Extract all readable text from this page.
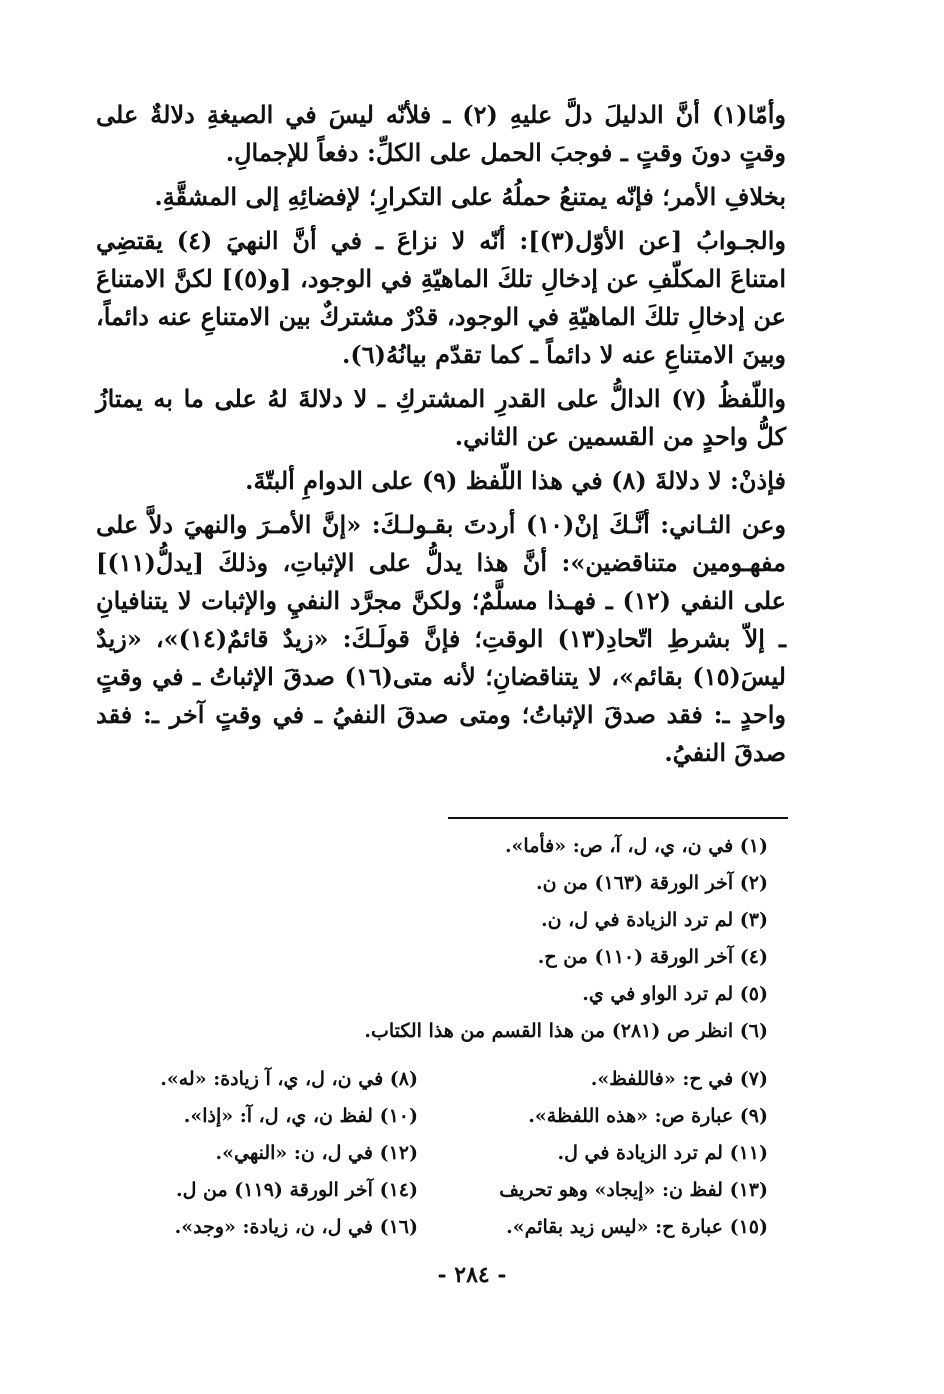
وأمّا(١) أنَّ الدليلَ دلَّ عليهِ (٢) ـ فلأنّه ليسَ في الصيغةِ دلالةٌ على وقتٍ دونَ وقتٍ ـ فوجبَ الحمل على الكلِّ: دفعاً للإجمالِ.

بخلافِ الأمر؛ فإنّه يمتنعُ حملُهُ على التكرارِ؛ لإفضائِهِ إلى المشقَّةِ.

والجـوابُ [عن الأوّل(٣)]: أنّه لا نزاعَ ـ في أنَّ النهيَ (٤) يقتضِي امتناعَ المكلّفِ عن إدخالِ تلكَ الماهيّةِ في الوجود، [و(٥)] لكنَّ الامتناعَ عن إدخالِ تلكَ الماهيّةِ في الوجود، قدْرٌ مشتركٌ بين الامتناعِ عنه دائماً، وبينَ الامتناعِ عنه لا دائماً ـ كما تقدّم بيانُهُ(٦).

واللّفظُ (٧) الدالُّ على القدرِ المشتركِ ـ لا دلالةَ لهُ على ما به يمتازُ كلُّ واحدٍ من القسمين عن الثاني.

فإذنْ: لا دلالةَ (٨) في هذا اللّفظ (٩) على الدوامِ ألبتّةَ.

وعن الثـاني: أنَّـكَ إنْ(١٠) أردتَ بقـولـكَ: «إنَّ الأمـرَ والنهيَ دلاَّ على مفهـومين متناقضين»: أنَّ هذا يدلُّ على الإثباتِ، وذلكَ [يدلُّ(١١)] على النفي (١٢) ـ فهـذا مسلَّمٌ؛ ولكنَّ مجرَّد النفيِ والإثبات لا يتنافيانِ ـ إلاّ بشرطِ اتّحادِ(١٣) الوقتِ؛ فإنَّ قولَـكَ: «زيدٌ قائمٌ(١٤)»، «زيدٌ ليسَ(١٥) بقائم»، لا يتناقضانِ؛ لأنه متى(١٦) صدقَ الإثباتُ ـ في وقتٍ واحدٍ ـ: فقد صدقَ الإثباتُ؛ ومتى صدقَ النفيُ ـ في وقتٍ آخر ـ: فقد صدقَ النفيُ.

(١) في ن، ي، ل، آ، ص: «فأما».
(٢) آخر الورقة (١٦٣) من ن.
(٣) لم ترد الزيادة في ل، ن.
(٤) آخر الورقة (١١٠) من ح.
(٥) لم ترد الواو في ي.
(٦) انظر ص (٢٨١) من هذا القسم من هذا الكتاب.
(٧) في ح: «فاللفظ».
(٨) في ن، ل، ي، آ زيادة: «له».
(٩) عبارة ص: «هذه اللفظة».
(١٠) لفظ ن، ي، ل، آ: «إذا».
(١١) لم ترد الزيادة في ل.
(١٢) في ل، ن: «النهي».
(١٣) لفظ ن: «إيجاد» وهو تحريف
(١٤) آخر الورقة (١١٩) من ل.
(١٥) عبارة ح: «ليس زيد بقائم».
(١٦) في ل، ن، زيادة: «وجد».
- ٢٨٤ -
